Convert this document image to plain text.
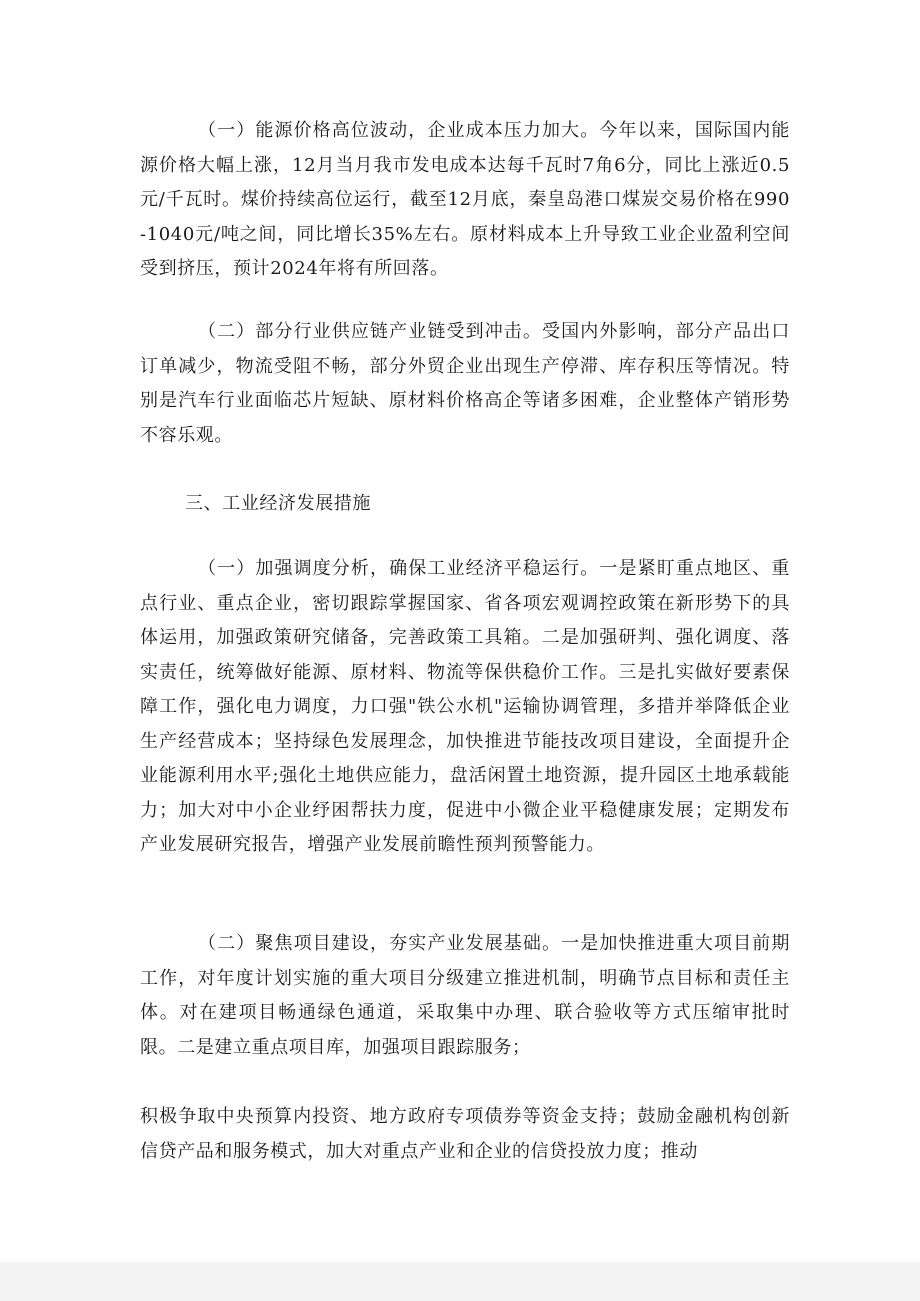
（一）能源价格高位波动，企业成本压力加大。今年以来，国际国内能源价格大幅上涨，12月当月我市发电成本达每千瓦时7角6分，同比上涨近0.5元/千瓦时。煤价持续高位运行，截至12月底，秦皇岛港口煤炭交易价格在990-1040元/吨之间，同比增长35%左右。原材料成本上升导致工业企业盈利空间受到挤压，预计2024年将有所回落。

（二）部分行业供应链产业链受到冲击。受国内外影响，部分产品出口订单减少，物流受阻不畅，部分外贸企业出现生产停滞、库存积压等情况。特别是汽车行业面临芯片短缺、原材料价格高企等诸多困难，企业整体产销形势不容乐观。

三、工业经济发展措施

（一）加强调度分析，确保工业经济平稳运行。一是紧盯重点地区、重点行业、重点企业，密切跟踪掌握国家、省各项宏观调控政策在新形势下的具体运用，加强政策研究储备，完善政策工具箱。二是加强研判、强化调度、落实责任，统筹做好能源、原材料、物流等保供稳价工作。三是扎实做好要素保障工作，强化电力调度，力口强"铁公水机"运输协调管理，多措并举降低企业生产经营成本；坚持绿色发展理念，加快推进节能技改项目建设，全面提升企业能源利用水平;强化土地供应能力，盘活闲置土地资源，提升园区土地承载能力；加大对中小企业纾困帮扶力度，促进中小微企业平稳健康发展；定期发布产业发展研究报告，增强产业发展前瞻性预判预警能力。

（二）聚焦项目建设，夯实产业发展基础。一是加快推进重大项目前期工作，对年度计划实施的重大项目分级建立推进机制，明确节点目标和责任主体。对在建项目畅通绿色通道，采取集中办理、联合验收等方式压缩审批时限。二是建立重点项目库，加强项目跟踪服务；

积极争取中央预算内投资、地方政府专项债券等资金支持；鼓励金融机构创新信贷产品和服务模式，加大对重点产业和企业的信贷投放力度；推动
